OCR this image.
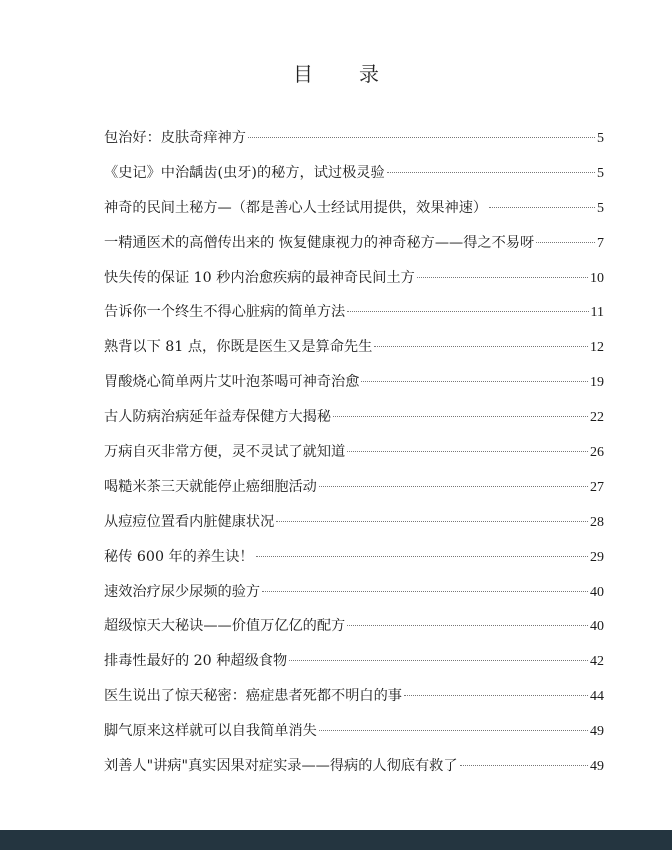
目 录
包治好：皮肤奇痒神方	5
《史记》中治龋齿(虫牙)的秘方，试过极灵验	5
神奇的民间土秘方—（都是善心人士经试用提供，效果神速）	5
一精通医术的高僧传出来的 恢复健康视力的神奇秘方——得之不易呀	7
快失传的保证 10 秒内治愈疾病的最神奇民间土方	10
告诉你一个终生不得心脏病的简单方法	11
熟背以下 81 点，你既是医生又是算命先生	12
胃酸烧心简单两片艾叶泡茶喝可神奇治愈	19
古人防病治病延年益寿保健方大揭秘	22
万病自灭非常方便，灵不灵试了就知道	26
喝糙米茶三天就能停止癌细胞活动	27
从痘痘位置看内脏健康状况	28
秘传 600 年的养生诀！	29
速效治疗尿少尿频的验方	40
超级惊天大秘诀——价值万亿亿的配方	40
排毒性最好的 20 种超级食物	42
医生说出了惊天秘密：癌症患者死都不明白的事	44
脚气原来这样就可以自我简单消失	49
刘善人"讲病"真实因果对症实录——得病的人彻底有救了	49
